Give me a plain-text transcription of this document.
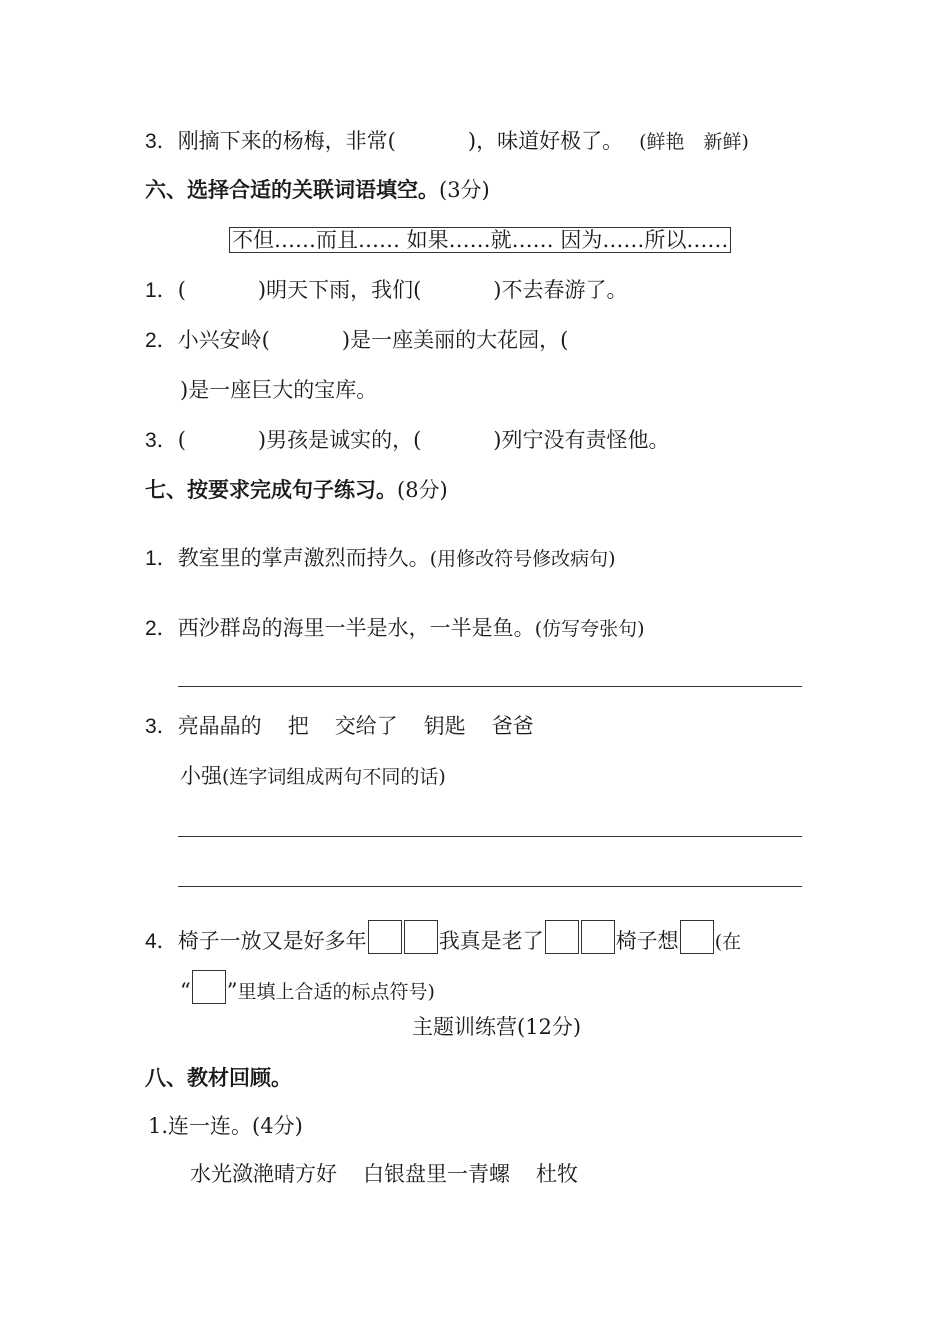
3．刚摘下来的杨梅，非常(	)，味道好极了。 (鲜艳　新鲜)
六、选择合适的关联词语填空。(3分)
不但……而且…… 如果……就…… 因为……所以……
1．(	)明天下雨，我们(	)不去春游了。
2．小兴安岭(	)是一座美丽的大花园，(
)是一座巨大的宝库。
3．(	)男孩是诚实的，(	)列宁没有责怪他。
七、按要求完成句子练习。(8分)
1．教室里的掌声激烈而持久。(用修改符号修改病句)
2．西沙群岛的海里一半是水，一半是鱼。(仿写夸张句)
3．亮晶晶的 把 交给了 钥匙 爸爸
小强(连字词组成两句不同的话)
4．椅子一放又是好多年	我真是老了	椅子想 (在
“ ”里填上合适的标点符号)
主题训练营(12分)
八、教材回顾。
1.连一连。(4分)
水光潋滟晴方好 白银盘里一青螺 杜牧
